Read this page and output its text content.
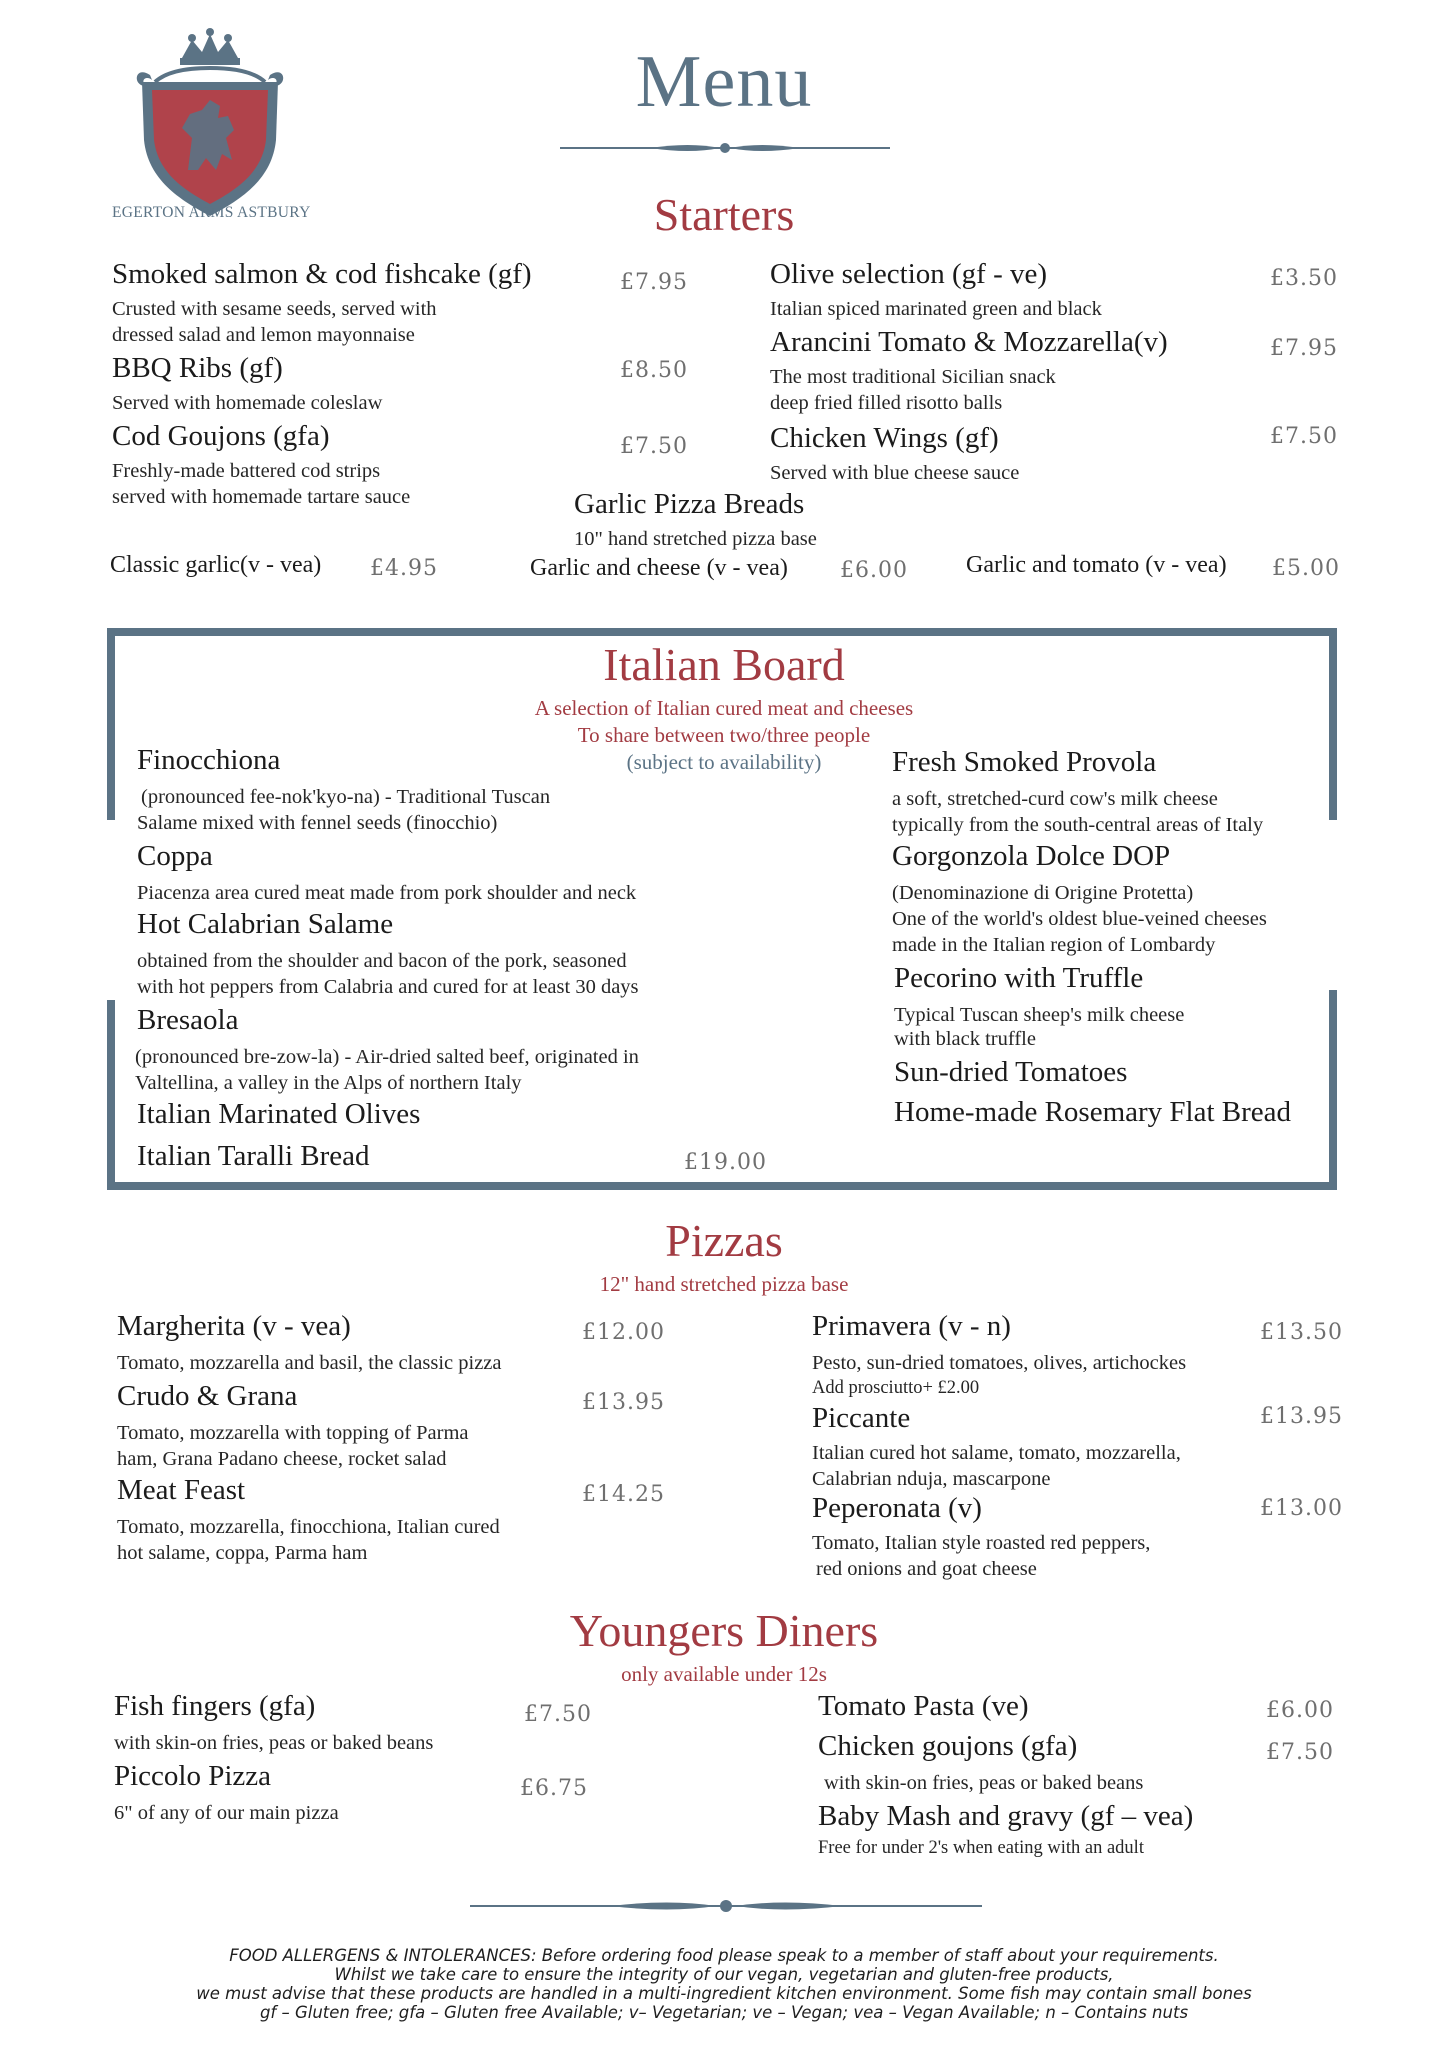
EGERTON ARMS ASTBURY
Menu
Starters
Smoked salmon & cod fishcake (gf)	£7.95
Crusted with sesame seeds, served with
dressed salad and lemon mayonnaise
BBQ Ribs (gf)	£8.50
Served with homemade coleslaw
Cod Goujons (gfa)	£7.50
Freshly-made battered cod strips
served with homemade tartare sauce
Olive selection (gf - ve)	£3.50
Italian spiced marinated green and black
Arancini Tomato & Mozzarella(v)	£7.95
The most traditional Sicilian snack
deep fried filled risotto balls
Chicken Wings (gf)	£7.50
Served with blue cheese sauce
Garlic Pizza Breads
10" hand stretched pizza base
Classic garlic(v - vea) £4.95	Garlic and cheese (v - vea) £6.00 Garlic and tomato (v - vea) £5.00
Italian Board
A selection of Italian cured meat and cheeses
To share between two/three people
(subject to availability)
Finocchiona
(pronounced fee-nok'kyo-na) - Traditional Tuscan
Salame mixed with fennel seeds (finocchio)
Coppa
Piacenza area cured meat made from pork shoulder and neck
Hot Calabrian Salame
obtained from the shoulder and bacon of the pork, seasoned
with hot peppers from Calabria and cured for at least 30 days
Bresaola
(pronounced bre-zow-la) - Air-dried salted beef, originated in
Valtellina, a valley in the Alps of northern Italy
Italian Marinated Olives
Italian Taralli Bread	£19.00
Fresh Smoked Provola
a soft, stretched-curd cow's milk cheese
typically from the south-central areas of Italy
Gorgonzola Dolce DOP
(Denominazione di Origine Protetta)
One of the world's oldest blue-veined cheeses
made in the Italian region of Lombardy
Pecorino with Truffle
Typical Tuscan sheep's milk cheese
with black truffle
Sun-dried Tomatoes
Home-made Rosemary Flat Bread
Pizzas
12" hand stretched pizza base
Margherita (v - vea)	£12.00
Tomato, mozzarella and basil, the classic pizza
Crudo & Grana	£13.95
Tomato, mozzarella with topping of Parma
ham, Grana Padano cheese, rocket salad
Meat Feast	£14.25
Tomato, mozzarella, finocchiona, Italian cured
hot salame, coppa, Parma ham
Primavera (v - n)	£13.50
Pesto, sun-dried tomatoes, olives, artichockes
Add prosciutto+ £2.00
Piccante	£13.95
Italian cured hot salame, tomato, mozzarella,
Calabrian nduja, mascarpone
Peperonata (v)	£13.00
Tomato, Italian style roasted red peppers,
red onions and goat cheese
Youngers Diners
only available under 12s
Fish fingers (gfa)	£7.50
with skin-on fries, peas or baked beans
Piccolo Pizza	£6.75
6" of any of our main pizza
Tomato Pasta (ve)	£6.00
Chicken goujons (gfa)	£7.50
with skin-on fries, peas or baked beans
Baby Mash and gravy (gf – vea)
Free for under 2's when eating with an adult
FOOD ALLERGENS & INTOLERANCES: Before ordering food please speak to a member of staff about your requirements.
Whilst we take care to ensure the integrity of our vegan, vegetarian and gluten-free products,
we must advise that these products are handled in a multi-ingredient kitchen environment. Some fish may contain small bones
gf – Gluten free; gfa – Gluten free Available; v– Vegetarian; ve – Vegan; vea – Vegan Available; n – Contains nuts
